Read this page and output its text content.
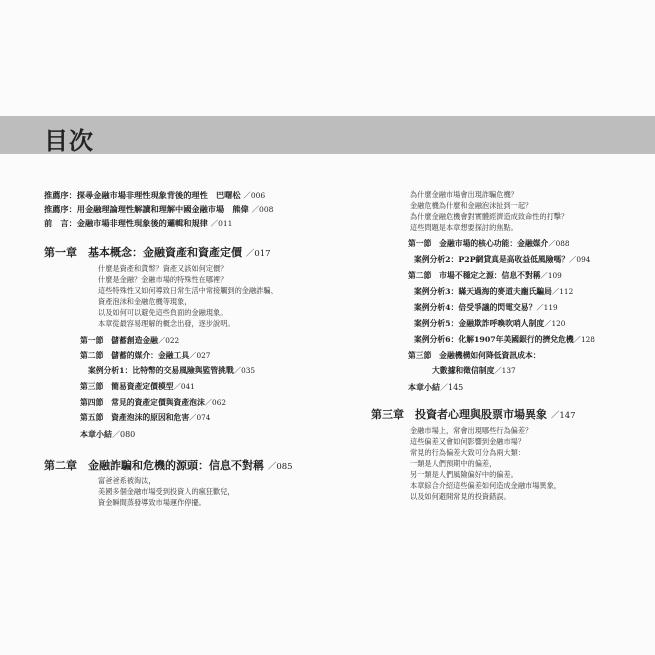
目次
推薦序：探尋金融市場非理性現象背後的理性　巴曙松 ／006
推薦序：用金融理論理性解讀和理解中國金融市場　熊偉 ／008
前　言：金融市場非理性現象後的邏輯和規律 ／011
第一章　基本概念：金融資產和資產定價 ／017
什麼是資產和貨幣？資產又該如何定價？
什麼是金融？金融市場的特殊性在哪裡？
這些特殊性又如何導致日常生活中常接觸到的金融詐騙、
資產泡沫和金融危機等現象，
以及如何可以避免這些負面的金融現象。
本章從最容易理解的概念出發，逐步說明。
第一節　儲蓄創造金融／022
第二節　儲蓄的媒介：金融工具／027
案例分析1：比特幣的交易風險與監管挑戰／035
第三節　簡易資產定價模型／041
第四節　常見的資產定價與資產泡沫／062
第五節　資產泡沫的原因和危害／074
本章小結／080
第二章　金融詐騙和危機的源頭：信息不對稱 ／085
富爸爸系被淘汰，
美國多個金融市場受到投資人的瘋狂歡兒，
資金瞬間蒸發導致市場運作停擺。
為什麼金融市場會出現詐騙危機？
金融危機為什麼和金融泡沫扯到一起？
為什麼金融危機會對實體經濟造成致命性的打擊？
這些問題是本章想要探討的焦點。
第一節　金融市場的核心功能：金融媒介／088
案例分析2：P2P網貸真是高收益低風險嗎？／094
第二節　市場不穩定之源：信息不對稱／109
案例分析3：瞞天過海的麥道夫龐氏騙局／112
案例分析4：倍受爭議的閃電交易？／119
案例分析5：金融欺詐呼喚吹哨人制度／120
案例分析6：化解1907年美國銀行的擠兌危機／128
第三節　金融機構如何降低資訊成本：
大數據和徵信制度／137
本章小結／145
第三章　投資者心理與股票市場異象 ／147
金融市場上，常會出現哪些行為偏差？
這些偏差又會如何影響到金融市場？
常見的行為偏差大致可分為兩大類：
一類是人們預期中的偏差，
另一類是人們風險偏好中的偏差。
本章綜合介紹這些偏差如何造成金融市場異象，
以及如何避開常見的投資錯誤。
